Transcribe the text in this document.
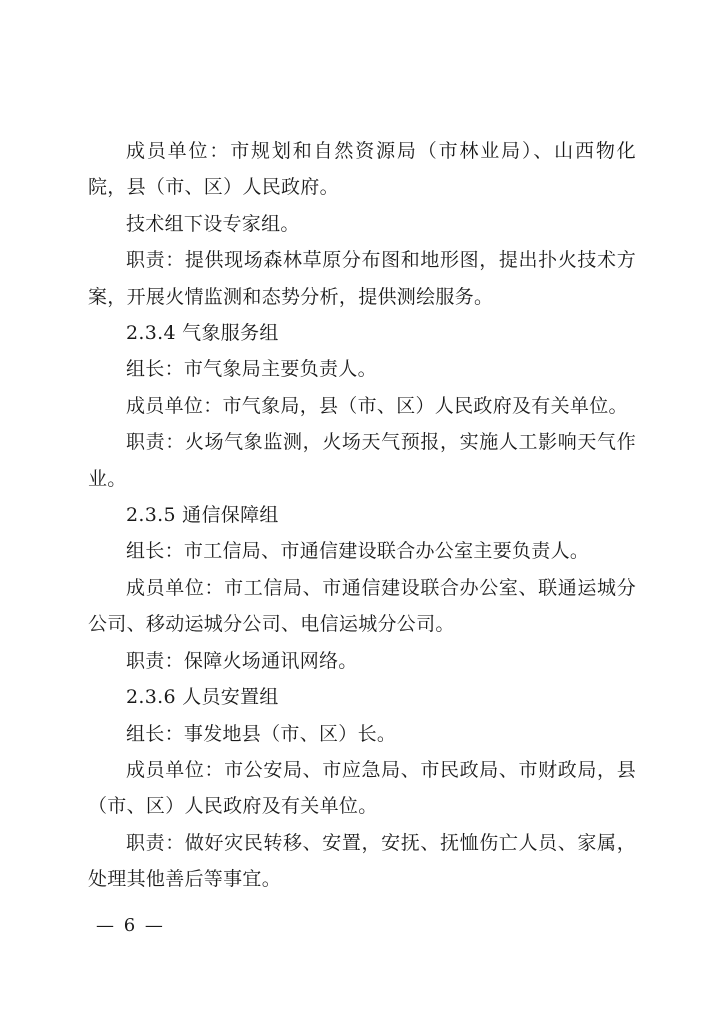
成员单位：市规划和自然资源局（市林业局）、山西物化院，县（市、区）人民政府。

技术组下设专家组。

职责：提供现场森林草原分布图和地形图，提出扑火技术方案，开展火情监测和态势分析，提供测绘服务。

2.3.4 气象服务组

组长：市气象局主要负责人。

成员单位：市气象局，县（市、区）人民政府及有关单位。

职责：火场气象监测，火场天气预报，实施人工影响天气作业。

2.3.5 通信保障组

组长：市工信局、市通信建设联合办公室主要负责人。

成员单位：市工信局、市通信建设联合办公室、联通运城分公司、移动运城分公司、电信运城分公司。

职责：保障火场通讯网络。

2.3.6 人员安置组

组长：事发地县（市、区）长。

成员单位：市公安局、市应急局、市民政局、市财政局，县（市、区）人民政府及有关单位。

职责：做好灾民转移、安置，安抚、抚恤伤亡人员、家属，处理其他善后等事宜。

— 6 —
